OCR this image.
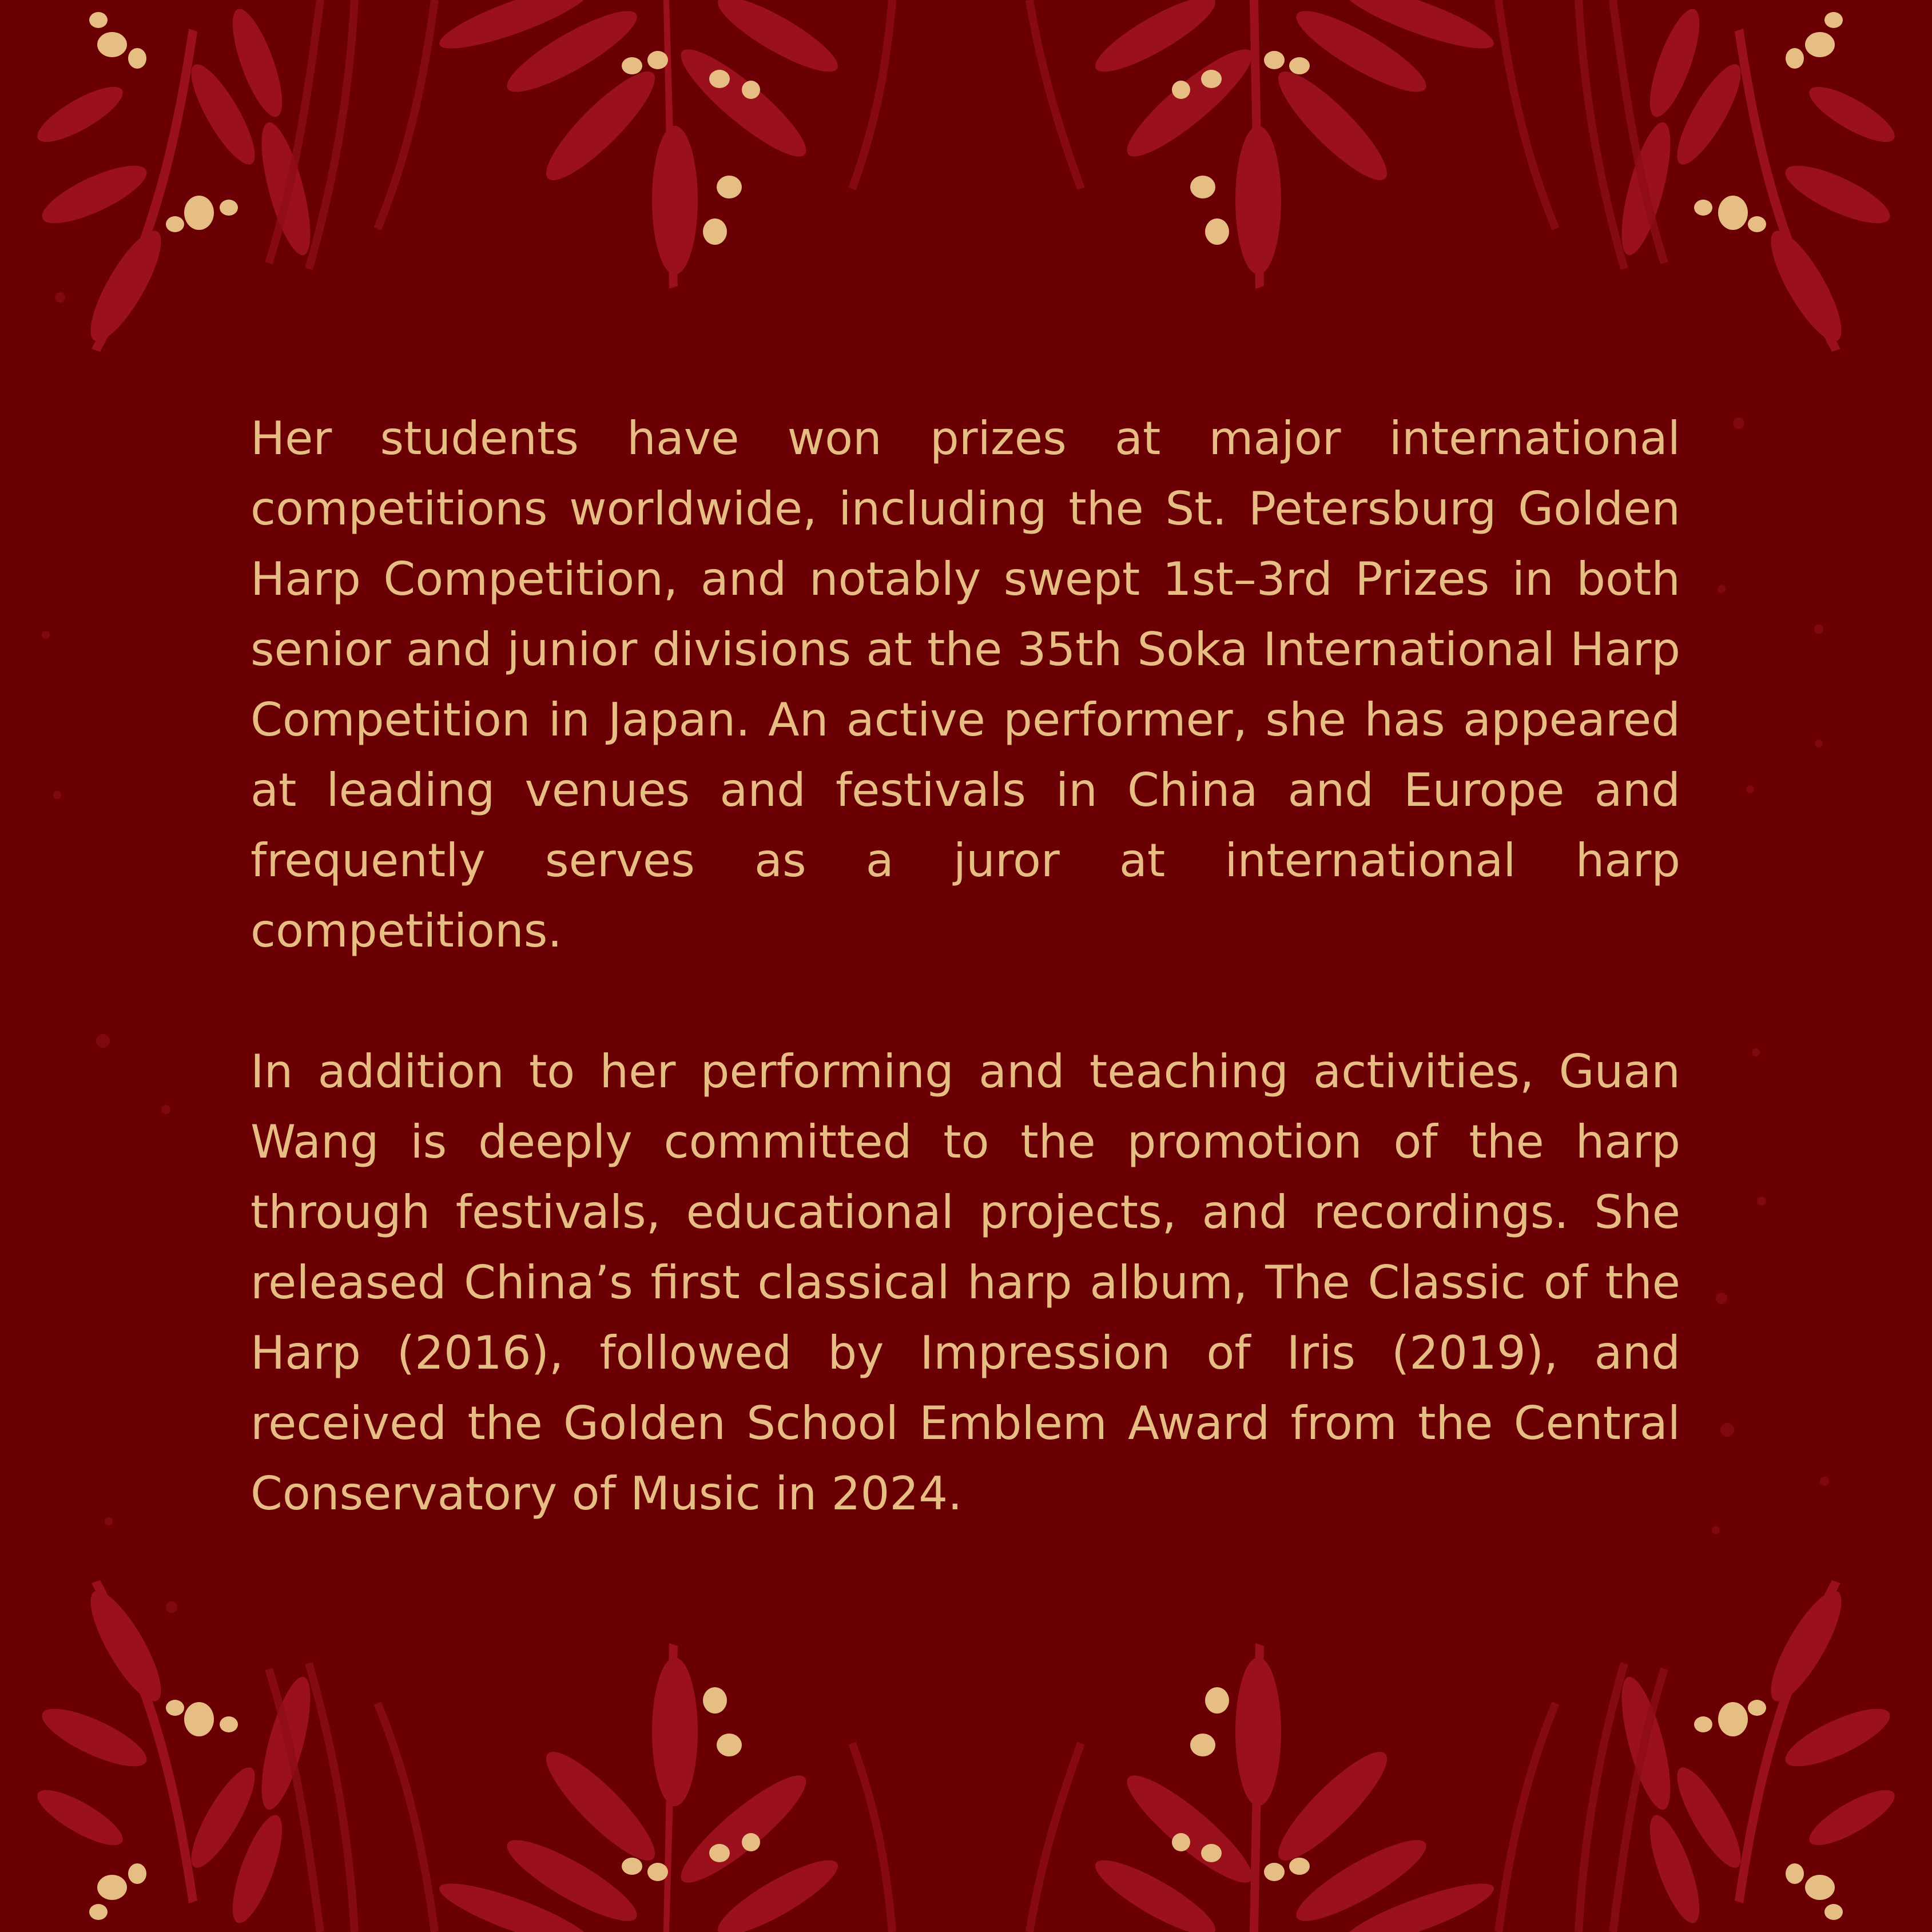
Her students have won prizes at major international competitions worldwide, including the St. Petersburg Golden Harp Competition, and notably swept 1st–3rd Prizes in both senior and junior divisions at the 35th Soka International Harp Competition in Japan. An active performer, she has appeared at leading venues and festivals in China and Europe and frequently serves as a juror at international harp competitions.

In addition to her performing and teaching activities, Guan Wang is deeply committed to the promotion of the harp through festivals, educational projects, and recordings. She released China’s first classical harp album, The Classic of the Harp (2016), followed by Impression of Iris (2019), and received the Golden School Emblem Award from the Central Conservatory of Music in 2024.
